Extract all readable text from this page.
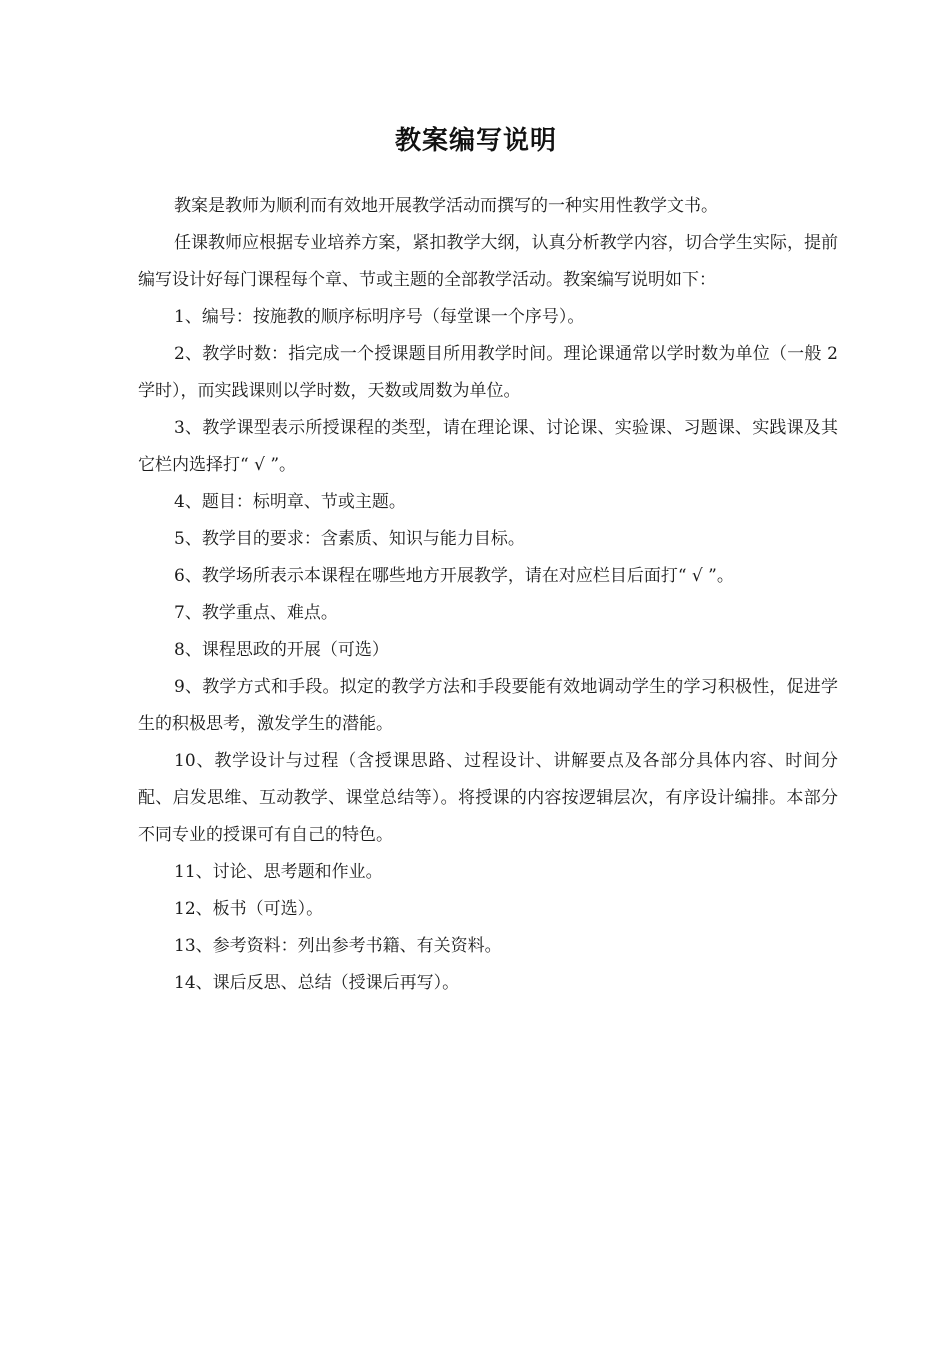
教案编写说明

教案是教师为顺利而有效地开展教学活动而撰写的一种实用性教学文书。

任课教师应根据专业培养方案，紧扣教学大纲，认真分析教学内容，切合学生实际，提前编写设计好每门课程每个章、节或主题的全部教学活动。教案编写说明如下：

1、编号：按施教的顺序标明序号（每堂课一个序号）。

2、教学时数：指完成一个授课题目所用教学时间。理论课通常以学时数为单位（一般 2 学时），而实践课则以学时数，天数或周数为单位。

3、教学课型表示所授课程的类型，请在理论课、讨论课、实验课、习题课、实践课及其它栏内选择打“ √ ”。

4、题目：标明章、节或主题。

5、教学目的要求：含素质、知识与能力目标。

6、教学场所表示本课程在哪些地方开展教学，请在对应栏目后面打“ √ ”。

7、教学重点、难点。

8、课程思政的开展（可选）

9、教学方式和手段。拟定的教学方法和手段要能有效地调动学生的学习积极性，促进学生的积极思考，激发学生的潜能。

10、教学设计与过程（含授课思路、过程设计、讲解要点及各部分具体内容、时间分配、启发思维、互动教学、课堂总结等）。将授课的内容按逻辑层次，有序设计编排。本部分不同专业的授课可有自己的特色。

11、讨论、思考题和作业。

12、板书（可选）。

13、参考资料：列出参考书籍、有关资料。

14、课后反思、总结（授课后再写）。
